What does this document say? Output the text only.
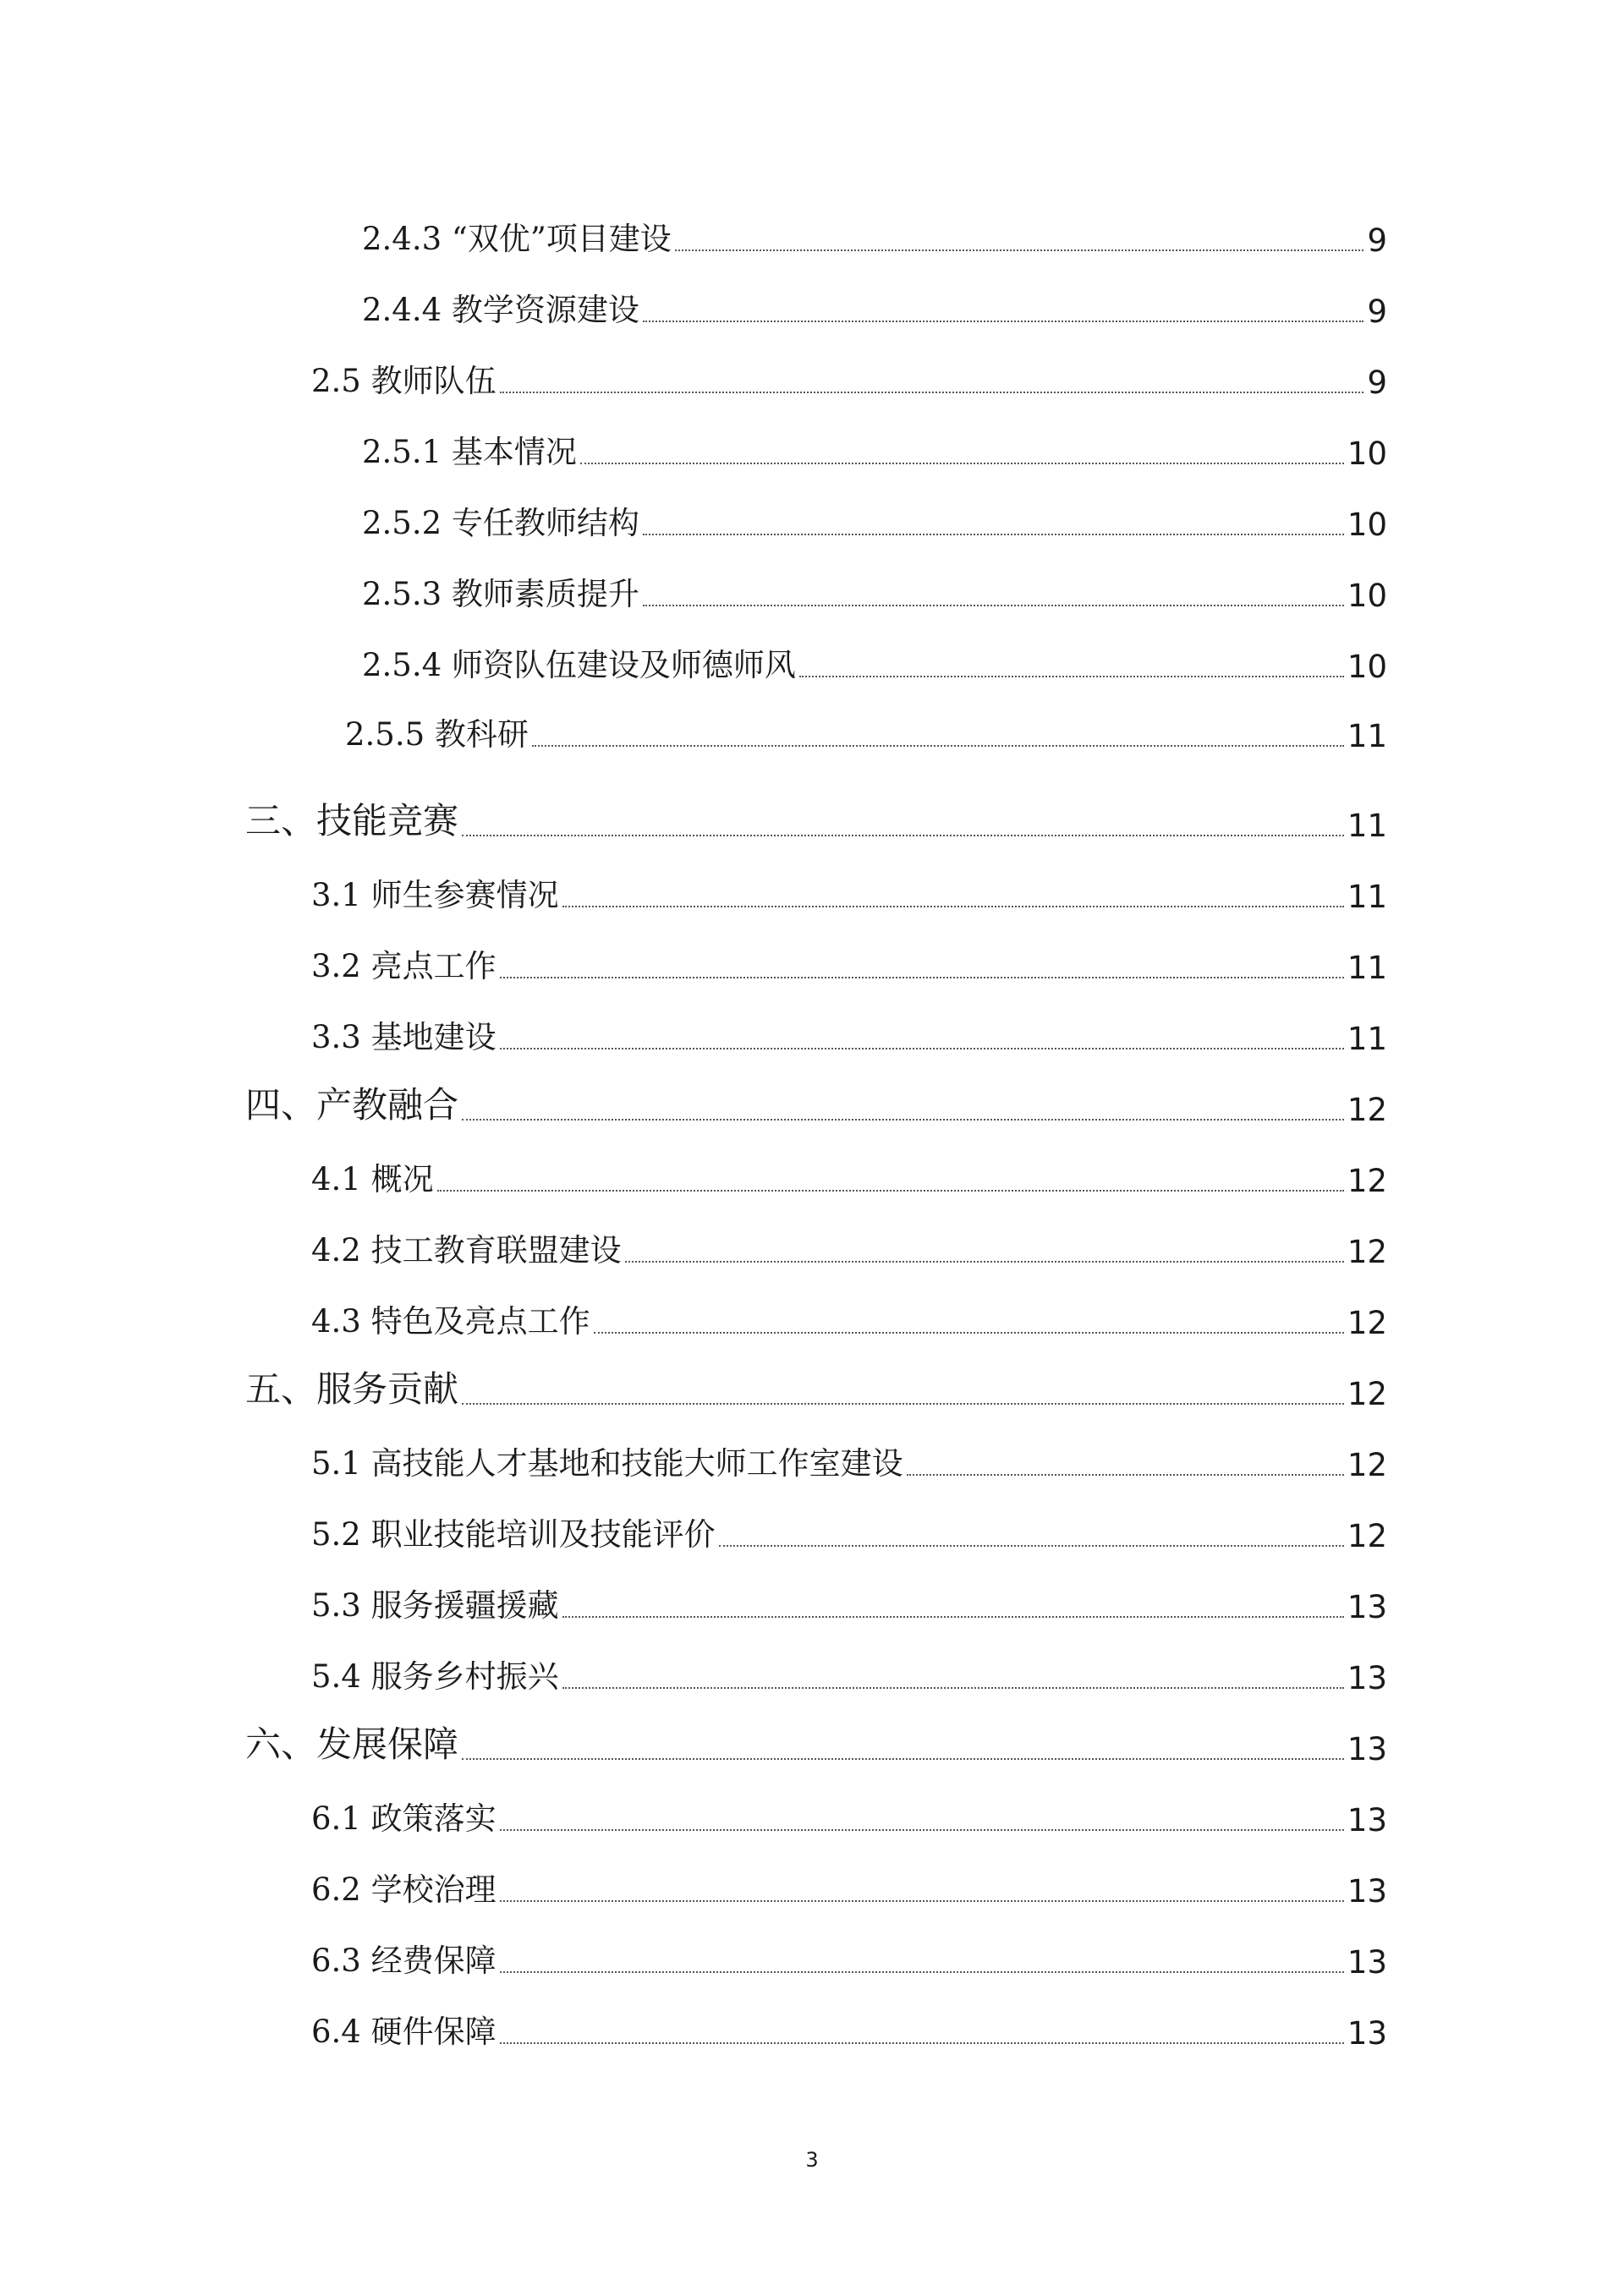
2.4.3 “双优”项目建设	9
2.4.4 教学资源建设	9
2.5 教师队伍	9
2.5.1 基本情况	10
2.5.2 专任教师结构	10
2.5.3 教师素质提升	10
2.5.4 师资队伍建设及师德师风	10
2.5.5 教科研	11
三、技能竞赛	11
3.1 师生参赛情况	11
3.2 亮点工作	11
3.3 基地建设	11
四、产教融合	12
4.1 概况	12
4.2 技工教育联盟建设	12
4.3 特色及亮点工作	12
五、服务贡献	12
5.1 高技能人才基地和技能大师工作室建设	12
5.2 职业技能培训及技能评价	12
5.3 服务援疆援藏	13
5.4 服务乡村振兴	13
六、发展保障	13
6.1 政策落实	13
6.2 学校治理	13
6.3 经费保障	13
6.4 硬件保障	13
3
